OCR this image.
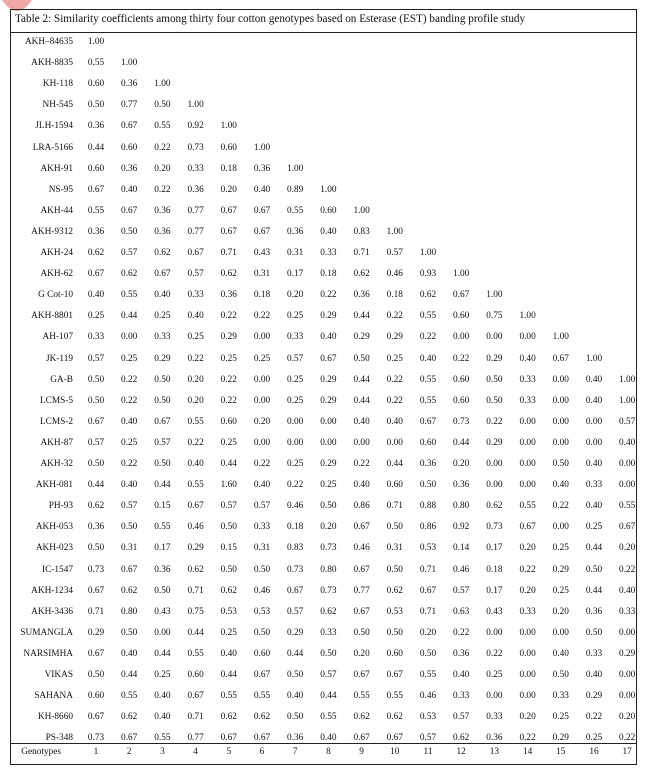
Table 2: Similarity coefficients among thirty four cotton genotypes based on Esterase (EST) banding profile study
AKH–84635	1.00
AKH-8835	0.55	1.00
KH-118	0.60	0.36	1.00
NH-545	0.50	0.77	0.50	1.00
JLH-1594	0.36	0.67	0.55	0.92	1.00
LRA-5166	0.44	0.60	0.22	0.73	0.60	1.00
AKH-91	0.60	0.36	0.20	0.33	0.18	0.36	1.00
NS-95	0.67	0.40	0.22	0.36	0.20	0.40	0.89	1.00
AKH-44	0.55	0.67	0.36	0.77	0.67	0.67	0.55	0.60	1.00
AKH-9312	0.36	0.50	0.36	0.77	0.67	0.67	0.36	0.40	0.83	1.00
AKH-24	0.62	0.57	0.62	0.67	0.71	0.43	0.31	0.33	0.71	0.57	1.00
AKH-62	0.67	0.62	0.67	0.57	0.62	0.31	0.17	0.18	0.62	0.46	0.93	1.00
G Cot-10	0.40	0.55	0.40	0.33	0.36	0.18	0.20	0.22	0.36	0.18	0.62	0.67	1.00
AKH-8801	0.25	0.44	0.25	0.40	0.22	0.22	0.25	0.29	0.44	0.22	0.55	0.60	0.75	1.00
AH-107	0.33	0.00	0.33	0.25	0.29	0.00	0.33	0.40	0.29	0.29	0.22	0.00	0.00	0.00	1.00
JK-119	0.57	0.25	0.29	0.22	0.25	0.25	0.57	0.67	0.50	0.25	0.40	0.22	0.29	0.40	0.67	1.00
GA-B	0.50	0.22	0.50	0.20	0.22	0.00	0.25	0.29	0.44	0.22	0.55	0.60	0.50	0.33	0.00	0.40	1.00
LCMS-5	0.50	0.22	0.50	0.20	0.22	0.00	0.25	0.29	0.44	0.22	0.55	0.60	0.50	0.33	0.00	0.40	1.00
LCMS-2	0.67	0.40	0.67	0.55	0.60	0.20	0.00	0.00	0.40	0.40	0.67	0.73	0.22	0.00	0.00	0.00	0.57
AKH-87	0.57	0.25	0.57	0.22	0.25	0.00	0.00	0.00	0.00	0.00	0.60	0.44	0.29	0.00	0.00	0.00	0.40
AKH-32	0.50	0.22	0.50	0.40	0.44	0.22	0.25	0.29	0.22	0.44	0.36	0.20	0.00	0.00	0.50	0.40	0.00
AKH-081	0.44	0.40	0.44	0.55	1.60	0.40	0.22	0.25	0.40	0.60	0.50	0.36	0.00	0.00	0.40	0.33	0.00
PH-93	0.62	0.57	0.15	0.67	0.57	0.57	0.46	0.50	0.86	0.71	0.88	0.80	0.62	0.55	0.22	0.40	0.55
AKH-053	0.36	0.50	0.55	0.46	0.50	0.33	0.18	0.20	0.67	0.50	0.86	0.92	0.73	0.67	0.00	0.25	0.67
AKH-023	0.50	0.31	0.17	0.29	0.15	0.31	0.83	0.73	0.46	0.31	0.53	0.14	0.17	0.20	0.25	0.44	0.20
IC-1547	0.73	0.67	0.36	0.62	0.50	0.50	0.73	0.80	0.67	0.50	0.71	0.46	0.18	0.22	0.29	0.50	0.22
AKH-1234	0.67	0.62	0.50	0.71	0.62	0.46	0.67	0.73	0.77	0.62	0.67	0.57	0.17	0.20	0.25	0.44	0.40
AKH-3436	0.71	0.80	0.43	0.75	0.53	0.53	0.57	0.62	0.67	0.53	0.71	0.63	0.43	0.33	0.20	0.36	0.33
SUMANGLA	0.29	0.50	0.00	0.44	0.25	0.50	0.29	0.33	0.50	0.50	0.20	0.22	0.00	0.00	0.00	0.50	0.00
NARSIMHA	0.67	0.40	0.44	0.55	0.40	0.60	0.44	0.50	0.20	0.60	0.50	0.36	0.22	0.00	0.40	0.33	0.29
VIKAS	0.50	0.44	0.25	0.60	0.44	0.67	0.50	0.57	0.67	0.67	0.55	0.40	0.25	0.00	0.50	0.40	0.00
SAHANA	0.60	0.55	0.40	0.67	0.55	0.55	0.40	0.44	0.55	0.55	0.46	0.33	0.00	0.00	0.33	0.29	0.00
KH-8660	0.67	0.62	0.40	0.71	0.62	0.62	0.50	0.55	0.62	0.62	0.53	0.57	0.33	0.20	0.25	0.22	0.20
PS-348	0.73	0.67	0.55	0.77	0.67	0.67	0.36	0.40	0.67	0.67	0.57	0.62	0.36	0.22	0.29	0.25	0.22
Genotypes	1	2	3	4	5	6	7	8	9	10	11	12	13	14	15	16	17
